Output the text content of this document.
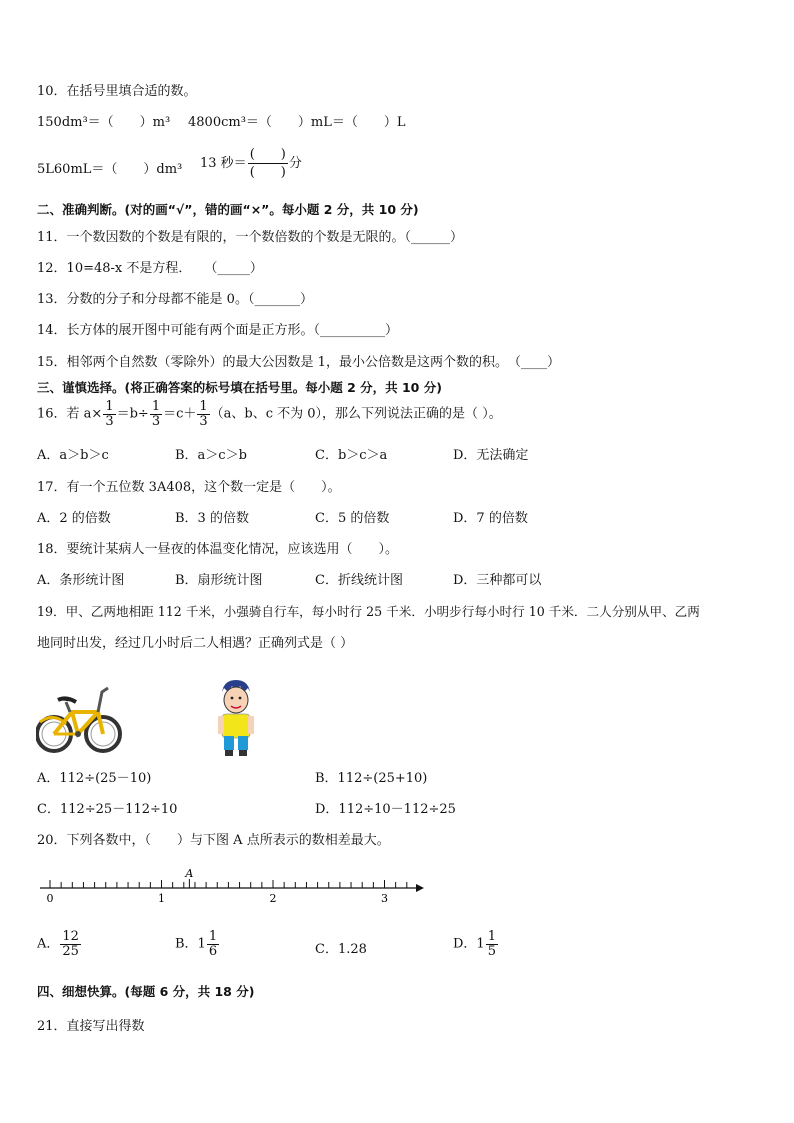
10．在括号里填合适的数。
150dm³＝（　　）m³ 4800cm³＝（　　）mL＝（　　）L
5L60mL＝（　　）dm³ 13 秒＝ $\frac{( )}{( )}$ 分
二、准确判断。(对的画“√”，错的画“×”。每小题 2 分，共 10 分)
11．一个数因数的个数是有限的，一个数倍数的个数是无限的。（______）
12．10=48-x 不是方程．　　（_____）
13．分数的分子和分母都不能是 0。（_______）
14．长方体的展开图中可能有两个面是正方形。（__________）
15．相邻两个自然数（零除外）的最大公因数是 1，最小公倍数是这两个数的积。　（____）
三、谨慎选择。(将正确答案的标号填在括号里。每小题 2 分，共 10 分)
16．若 $a\times \frac{1}{3} =b\div \frac{1}{3} =c+ \frac{1}{3} (a$、b、c 不为 0），那么下列说法正确的是（ ）。
A．a＞b＞c	B．a＞c＞b	C．b＞c＞a	D．无法确定
17．有一个五位数 3A408，这个数一定是（　　）。
A．2 的倍数	B．3 的倍数	C．5 的倍数	D．7 的倍数
18．要统计某病人一昼夜的体温变化情况，应该选用（　　）。
A．条形统计图	B．扇形统计图	C．折线统计图	D．三种都可以
19．甲、乙两地相距 112 千米，小强骑自行车，每小时行 25 千米．小明步行每小时行 10 千米．二人分别从甲、乙两
地同时出发，经过几小时后二人相遇？正确列式是（ ）
A．112÷(25－10)	B．112÷(25+10)
C．112÷25－112÷10	D．112÷10－112÷25
20．下列各数中，（　　）与下图 A 点所表示的数相差最大。
0	1	2	3
A
A． $\frac{12}{25}$	B．$1 \frac{1}{6}$	C．1.28	D．$1 \frac{1}{5}$
四、细想快算。(每题 6 分，共 18 分)
21．直接写出得数
